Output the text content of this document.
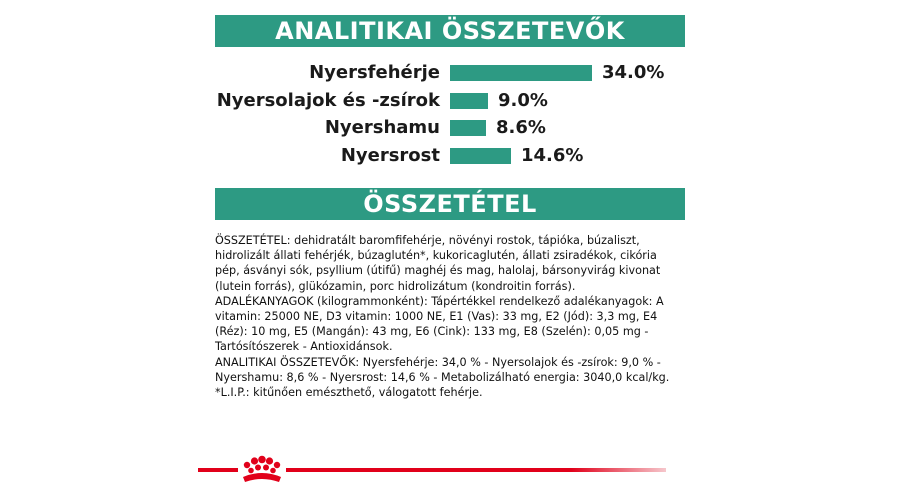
ANALITIKAI ÖSSZETEVŐK
Nyersfehérje	34.0%
Nyersolajok és -zsírok	9.0%
Nyershamu	8.6%
Nyersrost	14.6%
ÖSSZETÉTEL

ÖSSZETÉTEL: dehidratált baromfifehérje, növényi rostok, tápióka, búzaliszt, hidrolizált állati fehérjék, búzaglutén*, kukoricaglutén, állati zsiradékok, cikória pép, ásványi sók, psyllium (útifű) maghéj és mag, halolaj, bársonyvirág kivonat (lutein forrás), glükózamin, porc hidrolizátum (kondroitin forrás).

ADALÉKANYAGOK (kilogrammonként): Tápértékkel rendelkező adalékanyagok: A vitamin: 25000 NE, D3 vitamin: 1000 NE, E1 (Vas): 33 mg, E2 (Jód): 3,3 mg, E4 (Réz): 10 mg, E5 (Mangán): 43 mg, E6 (Cink): 133 mg, E8 (Szelén): 0,05 mg - Tartósítószerek - Antioxidánsok.

ANALITIKAI ÖSSZETEVŐK: Nyersfehérje: 34,0 % - Nyersolajok és -zsírok: 9,0 % - Nyershamu: 8,6 % - Nyersrost: 14,6 % - Metabolizálható energia: 3040,0 kcal/kg.

*L.I.P.: kitűnően emészthető, válogatott fehérje.
